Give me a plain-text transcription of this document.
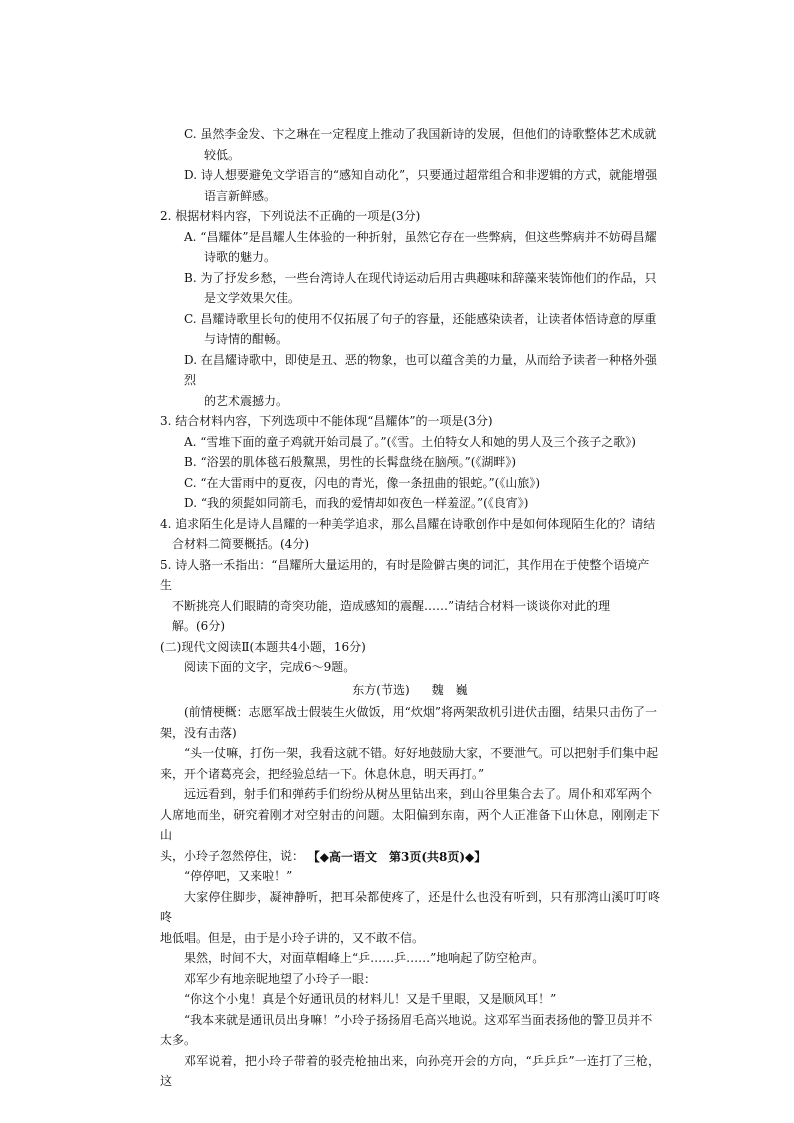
C. 虽然李金发、卞之琳在一定程度上推动了我国新诗的发展，但他们的诗歌整体艺术成就

较低。

D. 诗人想要避免文学语言的“感知自动化”，只要通过超常组合和非逻辑的方式，就能增强

语言新鲜感。

2. 根据材料内容，下列说法不正确的一项是(3分)

A. “昌耀体”是昌耀人生体验的一种折射，虽然它存在一些弊病，但这些弊病并不妨碍昌耀

诗歌的魅力。

B. 为了抒发乡愁，一些台湾诗人在现代诗运动后用古典趣味和辞藻来装饰他们的作品，只

是文学效果欠佳。

C. 昌耀诗歌里长句的使用不仅拓展了句子的容量，还能感染读者，让读者体悟诗意的厚重

与诗情的酣畅。

D. 在昌耀诗歌中，即使是丑、恶的物象，也可以蕴含美的力量，从而给予读者一种格外强烈

的艺术震撼力。

3. 结合材料内容，下列选项中不能体现“昌耀体”的一项是(3分)

A. “雪堆下面的童子鸡就开始司晨了。”(《雪。土伯特女人和她的男人及三个孩子之歌》)

B. “浴罢的肌体毯石般黧黑，男性的长髯盘绕在脑颅。”(《湖畔》)

C. “在大雷雨中的夏夜，闪电的青光，像一条扭曲的银蛇。”(《山旅》)

D. “我的须髭如同箭毛，而我的爱情却如夜色一样羞涩。”(《良宵》)

4. 追求陌生化是诗人昌耀的一种美学追求，那么昌耀在诗歌创作中是如何体现陌生化的？请结

合材料二简要概括。(4分)

5. 诗人骆一禾指出：“昌耀所大量运用的，有时是险僻古奥的词汇，其作用在于使整个语境产生

不断挑亮人们眼睛的奇突功能，造成感知的震醒……”请结合材料一谈谈你对此的理

解。(6分)

(二)现代文阅读Ⅱ(本题共4小题，16分)

阅读下面的文字，完成6～9题。

东方(节选) 魏　巍

(前情梗概：志愿军战士假装生火做饭，用“炊烟”将两架敌机引进伏击圈，结果只击伤了一

架，没有击落)

“头一仗嘛，打伤一架，我看这就不错。好好地鼓励大家，不要泄气。可以把射手们集中起

来，开个诸葛亮会，把经验总结一下。休息休息，明天再打。”

远远看到，射手们和弹药手们纷纷从树丛里钻出来，到山谷里集合去了。周仆和邓军两个

人席地而坐，研究着刚才对空射击的问题。太阳偏到东南，两个人正准备下山休息，刚刚走下山

头，小玲子忽然停住，说：

“停停吧，又来啦！”

大家停住脚步，凝神静听，把耳朵都使疼了，还是什么也没有听到，只有那湾山溪叮叮咚咚

地低唱。但是，由于是小玲子讲的，又不敢不信。

果然，时间不大，对面草帽峰上“乒……乒……”地响起了防空枪声。

邓军少有地亲昵地望了小玲子一眼：

“你这个小鬼！真是个好通讯员的材料儿！又是千里眼，又是顺风耳！”

“我本来就是通讯员出身嘛！”小玲子扬扬眉毛高兴地说。这邓军当面表扬他的警卫员并不

太多。

邓军说着，把小玲子带着的驳壳枪抽出来，向孙亮开会的方向，“乒乒乒”一连打了三枪，这

【◆高一语文　第3页(共8页)◆】
